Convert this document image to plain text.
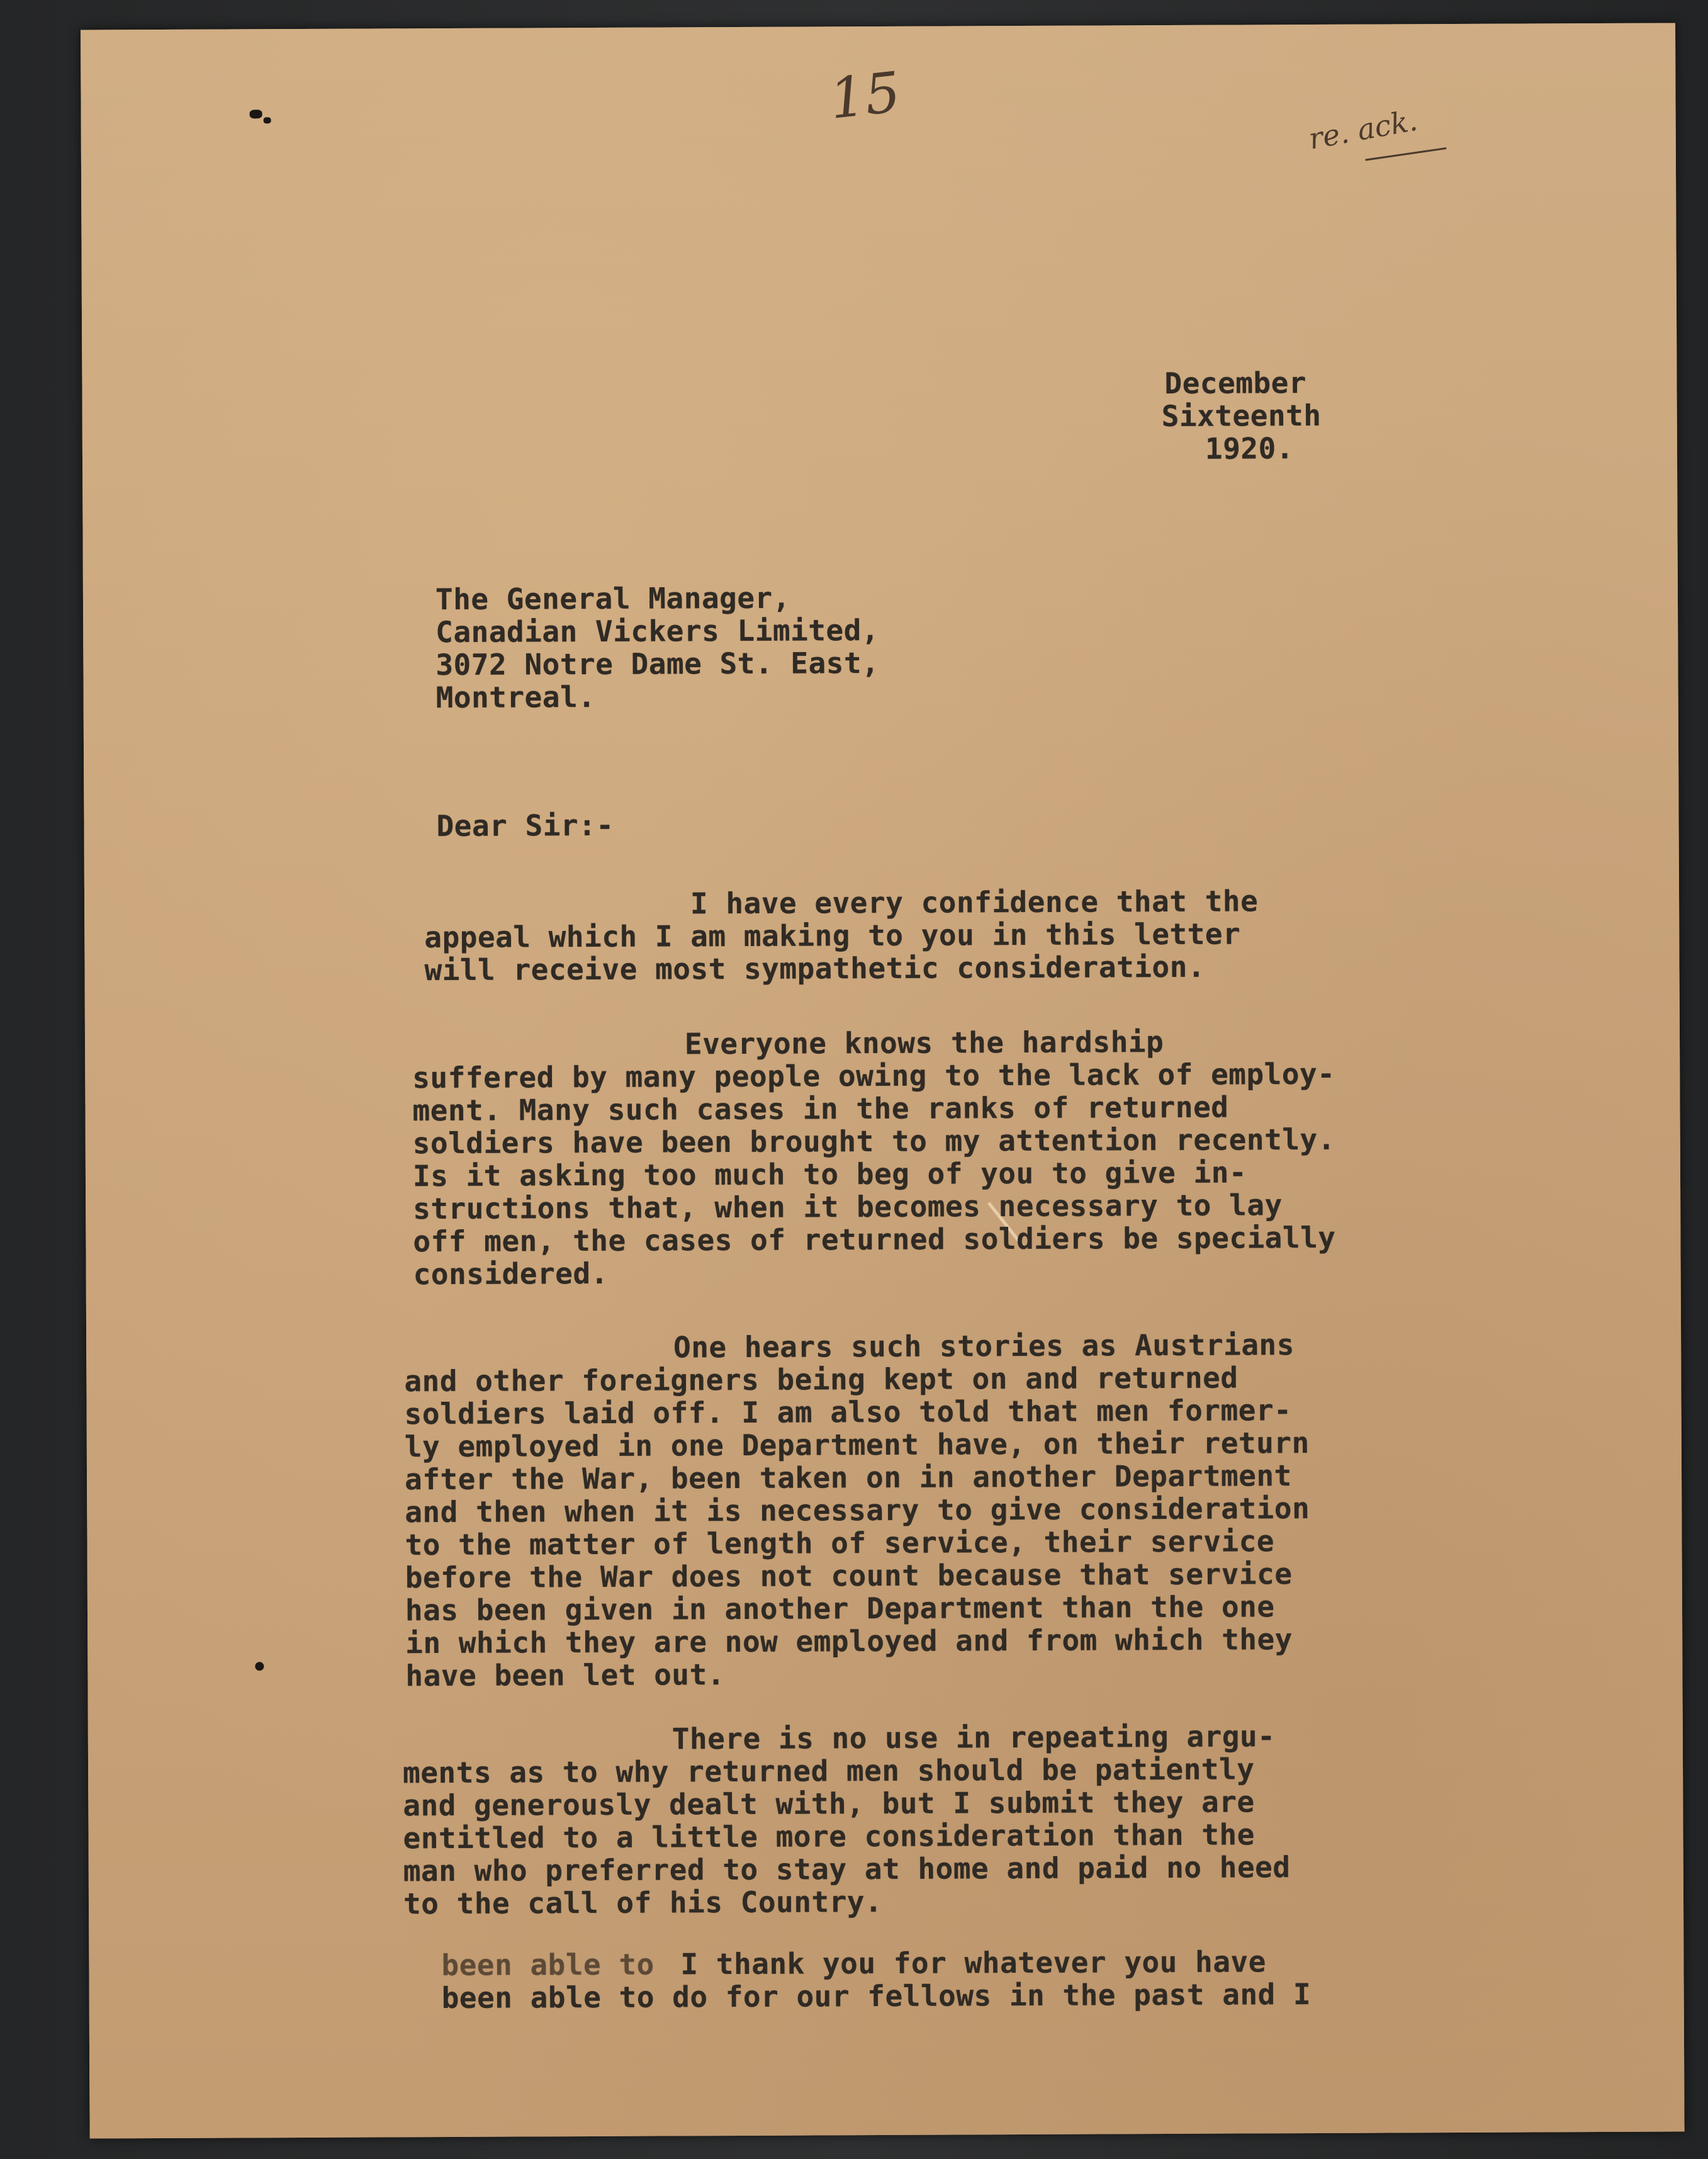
15	re. ack.
December
Sixteenth
1920.
The General Manager,
Canadian Vickers Limited,
3072 Notre Dame St. East,
Montreal.
Dear Sir:-
I have every confidence that the
appeal which I am making to you in this letter
will receive most sympathetic consideration.
Everyone knows the hardship
suffered by many people owing to the lack of employ-
ment. Many such cases in the ranks of returned
soldiers have been brought to my attention recently.
Is it asking too much to beg of you to give in-
structions that, when it becomes necessary to lay
off men, the cases of returned soldiers be specially
considered.
One hears such stories as Austrians
and other foreigners being kept on and returned
soldiers laid off. I am also told that men former-
ly employed in one Department have, on their return
after the War, been taken on in another Department
and then when it is necessary to give consideration
to the matter of length of service, their service
before the War does not count because that service
has been given in another Department than the one
in which they are now employed and from which they
have been let out.
There is no use in repeating argu-
ments as to why returned men should be patiently
and generously dealt with, but I submit they are
entitled to a little more consideration than the
man who preferred to stay at home and paid no heed
to the call of his Country.
been able to I thank you for whatever you have
been able to do for our fellows in the past and I
